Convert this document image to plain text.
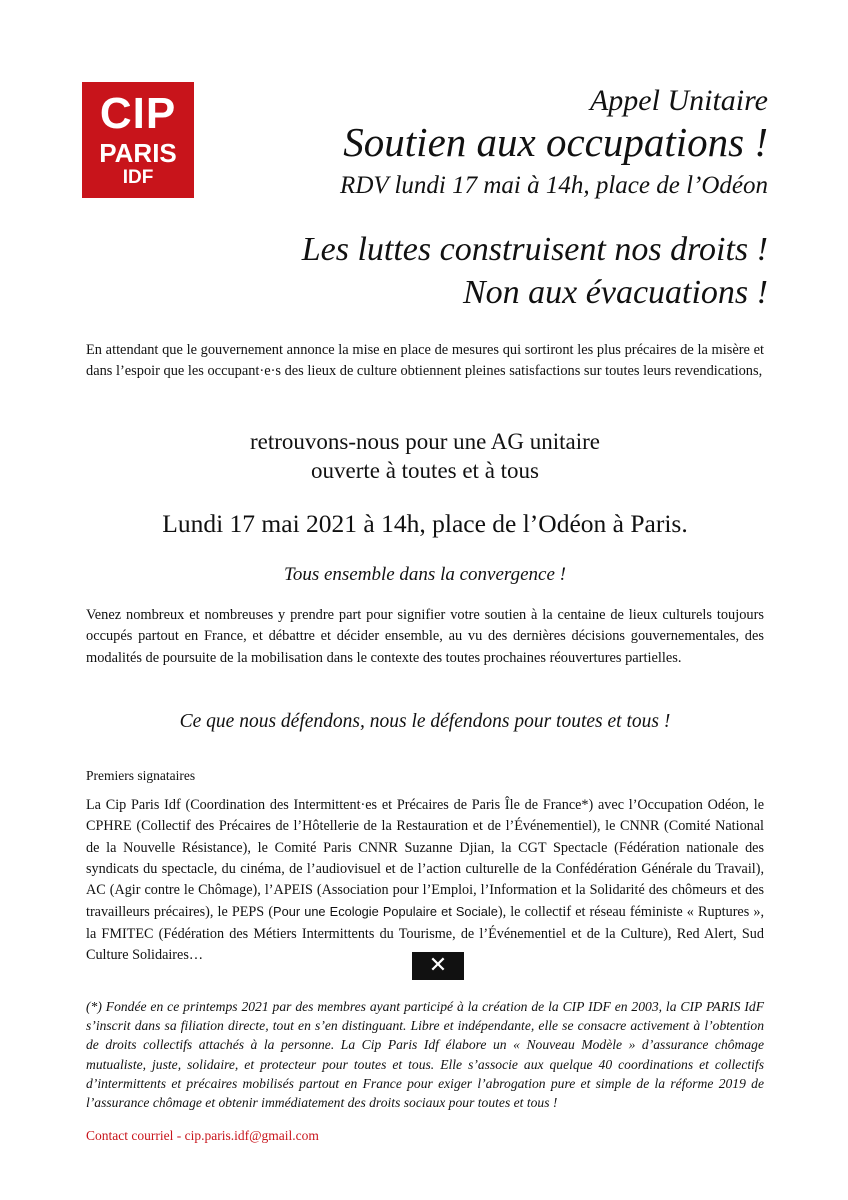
CIP
PARIS
IDF
Appel Unitaire
Soutien aux occupations !
RDV lundi 17 mai à 14h, place de l’Odéon
Les luttes construisent nos droits !
Non aux évacuations !
En attendant que le gouvernement annonce la mise en place de mesures qui sortiront les plus précaires de la misère et dans l’espoir que les occupant·e·s des lieux de culture obtiennent pleines satisfactions sur toutes leurs revendications,
retrouvons-nous pour une AG unitaire
ouverte à toutes et à tous
Lundi 17 mai 2021 à 14h, place de l’Odéon à Paris.
Tous ensemble dans la convergence !
Venez nombreux et nombreuses y prendre part pour signifier votre soutien à la centaine de lieux culturels toujours occupés partout en France, et débattre et décider ensemble, au vu des dernières décisions gouvernementales, des modalités de poursuite de la mobilisation dans le contexte des toutes prochaines réouvertures partielles.
Ce que nous défendons, nous le défendons pour toutes et tous !
Premiers signataires
La Cip Paris Idf (Coordination des Intermittent·es et Précaires de Paris Île de France*) avec l’Occupation Odéon, le CPHRE (Collectif des Précaires de l’Hôtellerie de la Restauration et de l’Événementiel), le CNNR (Comité National de la Nouvelle Résistance), le Comité Paris CNNR Suzanne Djian, la CGT Spectacle (Fédération nationale des syndicats du spectacle, du cinéma, de l’audiovisuel et de l’action culturelle de la Confédération Générale du Travail), AC (Agir contre le Chômage), l’APEIS (Association pour l’Emploi, l’Information et la Solidarité des chômeurs et des travailleurs précaires), le PEPS (Pour une Ecologie Populaire et Sociale), le collectif et réseau féministe « Ruptures », la FMITEC (Fédération des Métiers Intermittents du Tourisme, de l’Événementiel et de la Culture), Red Alert, Sud Culture Solidaires…	✕
(*) Fondée en ce printemps 2021 par des membres ayant participé à la création de la CIP IDF en 2003, la CIP PARIS IdF s’inscrit dans sa filiation directe, tout en s’en distinguant. Libre et indépendante, elle se consacre activement à l’obtention de droits collectifs attachés à la personne. La Cip Paris Idf élabore un « Nouveau Modèle » d’assurance chômage mutualiste, juste, solidaire, et protecteur pour toutes et tous. Elle s’associe aux quelque 40 coordinations et collectifs d’intermittents et précaires mobilisés partout en France pour exiger l’abrogation pure et simple de la réforme 2019 de l’assurance chômage et obtenir immédiatement des droits sociaux pour toutes et tous !
Contact courriel - cip.paris.idf@gmail.com
